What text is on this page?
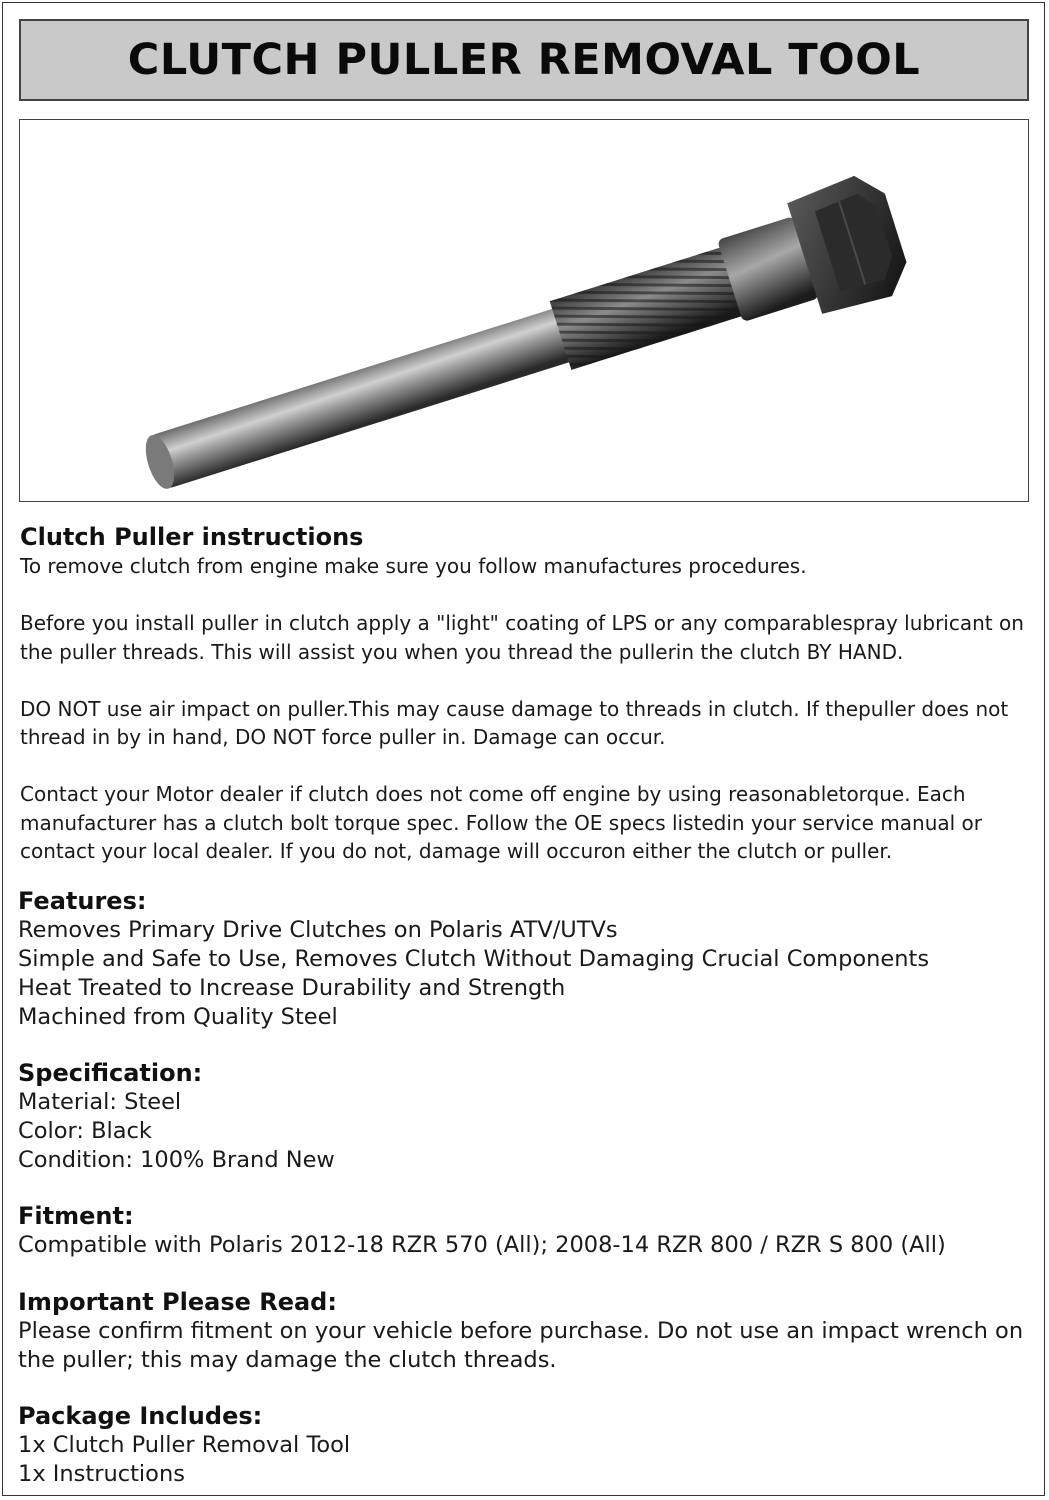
CLUTCH PULLER REMOVAL TOOL
Clutch Puller instructions

To remove clutch from engine make sure you follow manufactures procedures.

Before you install puller in clutch apply a "light" coating of LPS or any comparablespray lubricant on the puller threads. This will assist you when you thread the pullerin the clutch BY HAND.

DO NOT use air impact on puller.This may cause damage to threads in clutch. If thepuller does not thread in by in hand, DO NOT force puller in. Damage can occur.

Contact your Motor dealer if clutch does not come off engine by using reasonabletorque. Each manufacturer has a clutch bolt torque spec. Follow the OE specs listedin your service manual or contact your local dealer. If you do not, damage will occuron either the clutch or puller.

Features:
Removes Primary Drive Clutches on Polaris ATV/UTVs
Simple and Safe to Use, Removes Clutch Without Damaging Crucial Components
Heat Treated to Increase Durability and Strength
Machined from Quality Steel
Specification:
Material: Steel
Color: Black
Condition: 100% Brand New
Fitment:

Compatible with Polaris 2012-18 RZR 570 (All); 2008-14 RZR 800 / RZR S 800 (All)

Important Please Read:

Please confirm fitment on your vehicle before purchase. Do not use an impact wrench on the puller; this may damage the clutch threads.

Package Includes:
1x Clutch Puller Removal Tool
1x Instructions
